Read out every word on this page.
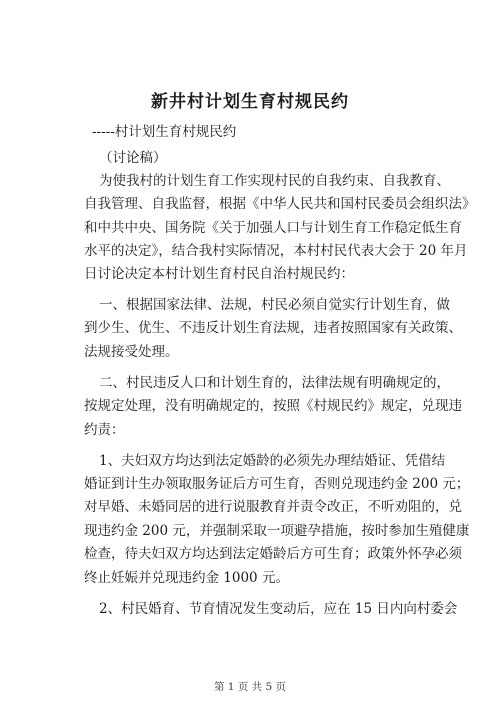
新井村计划生育村规民约
-----村计划生育村规民约
（讨论稿）
为使我村的计划生育工作实现村民的自我约束、自我教育、
自我管理、自我监督，根据《中华人民共和国村民委员会组织法》
和中共中央、国务院《关于加强人口与计划生育工作稳定低生育
水平的决定》，结合我村实际情况，本村村民代表大会于 20 年月
日讨论决定本村计划生育村民自治村规民约：
一、根据国家法律、法规，村民必须自觉实行计划生育，做
到少生、优生、不违反计划生育法规，违者按照国家有关政策、
法规接受处理。
二、村民违反人口和计划生育的，法律法规有明确规定的，
按规定处理，没有明确规定的，按照《村规民约》规定，兑现违
约责：
1、夫妇双方均达到法定婚龄的必须先办理结婚证、凭借结
婚证到计生办领取服务证后方可生育，否则兑现违约金 200 元；
对早婚、未婚同居的进行说服教育并责令改正，不听劝阻的，兑
现违约金 200 元，并强制采取一项避孕措施，按时参加生殖健康
检查，待夫妇双方均达到法定婚龄后方可生育；政策外怀孕必须
终止妊娠并兑现违约金 1000 元。
2、村民婚育、节育情况发生变动后，应在 15 日内向村委会
第 1 页 共 5 页
